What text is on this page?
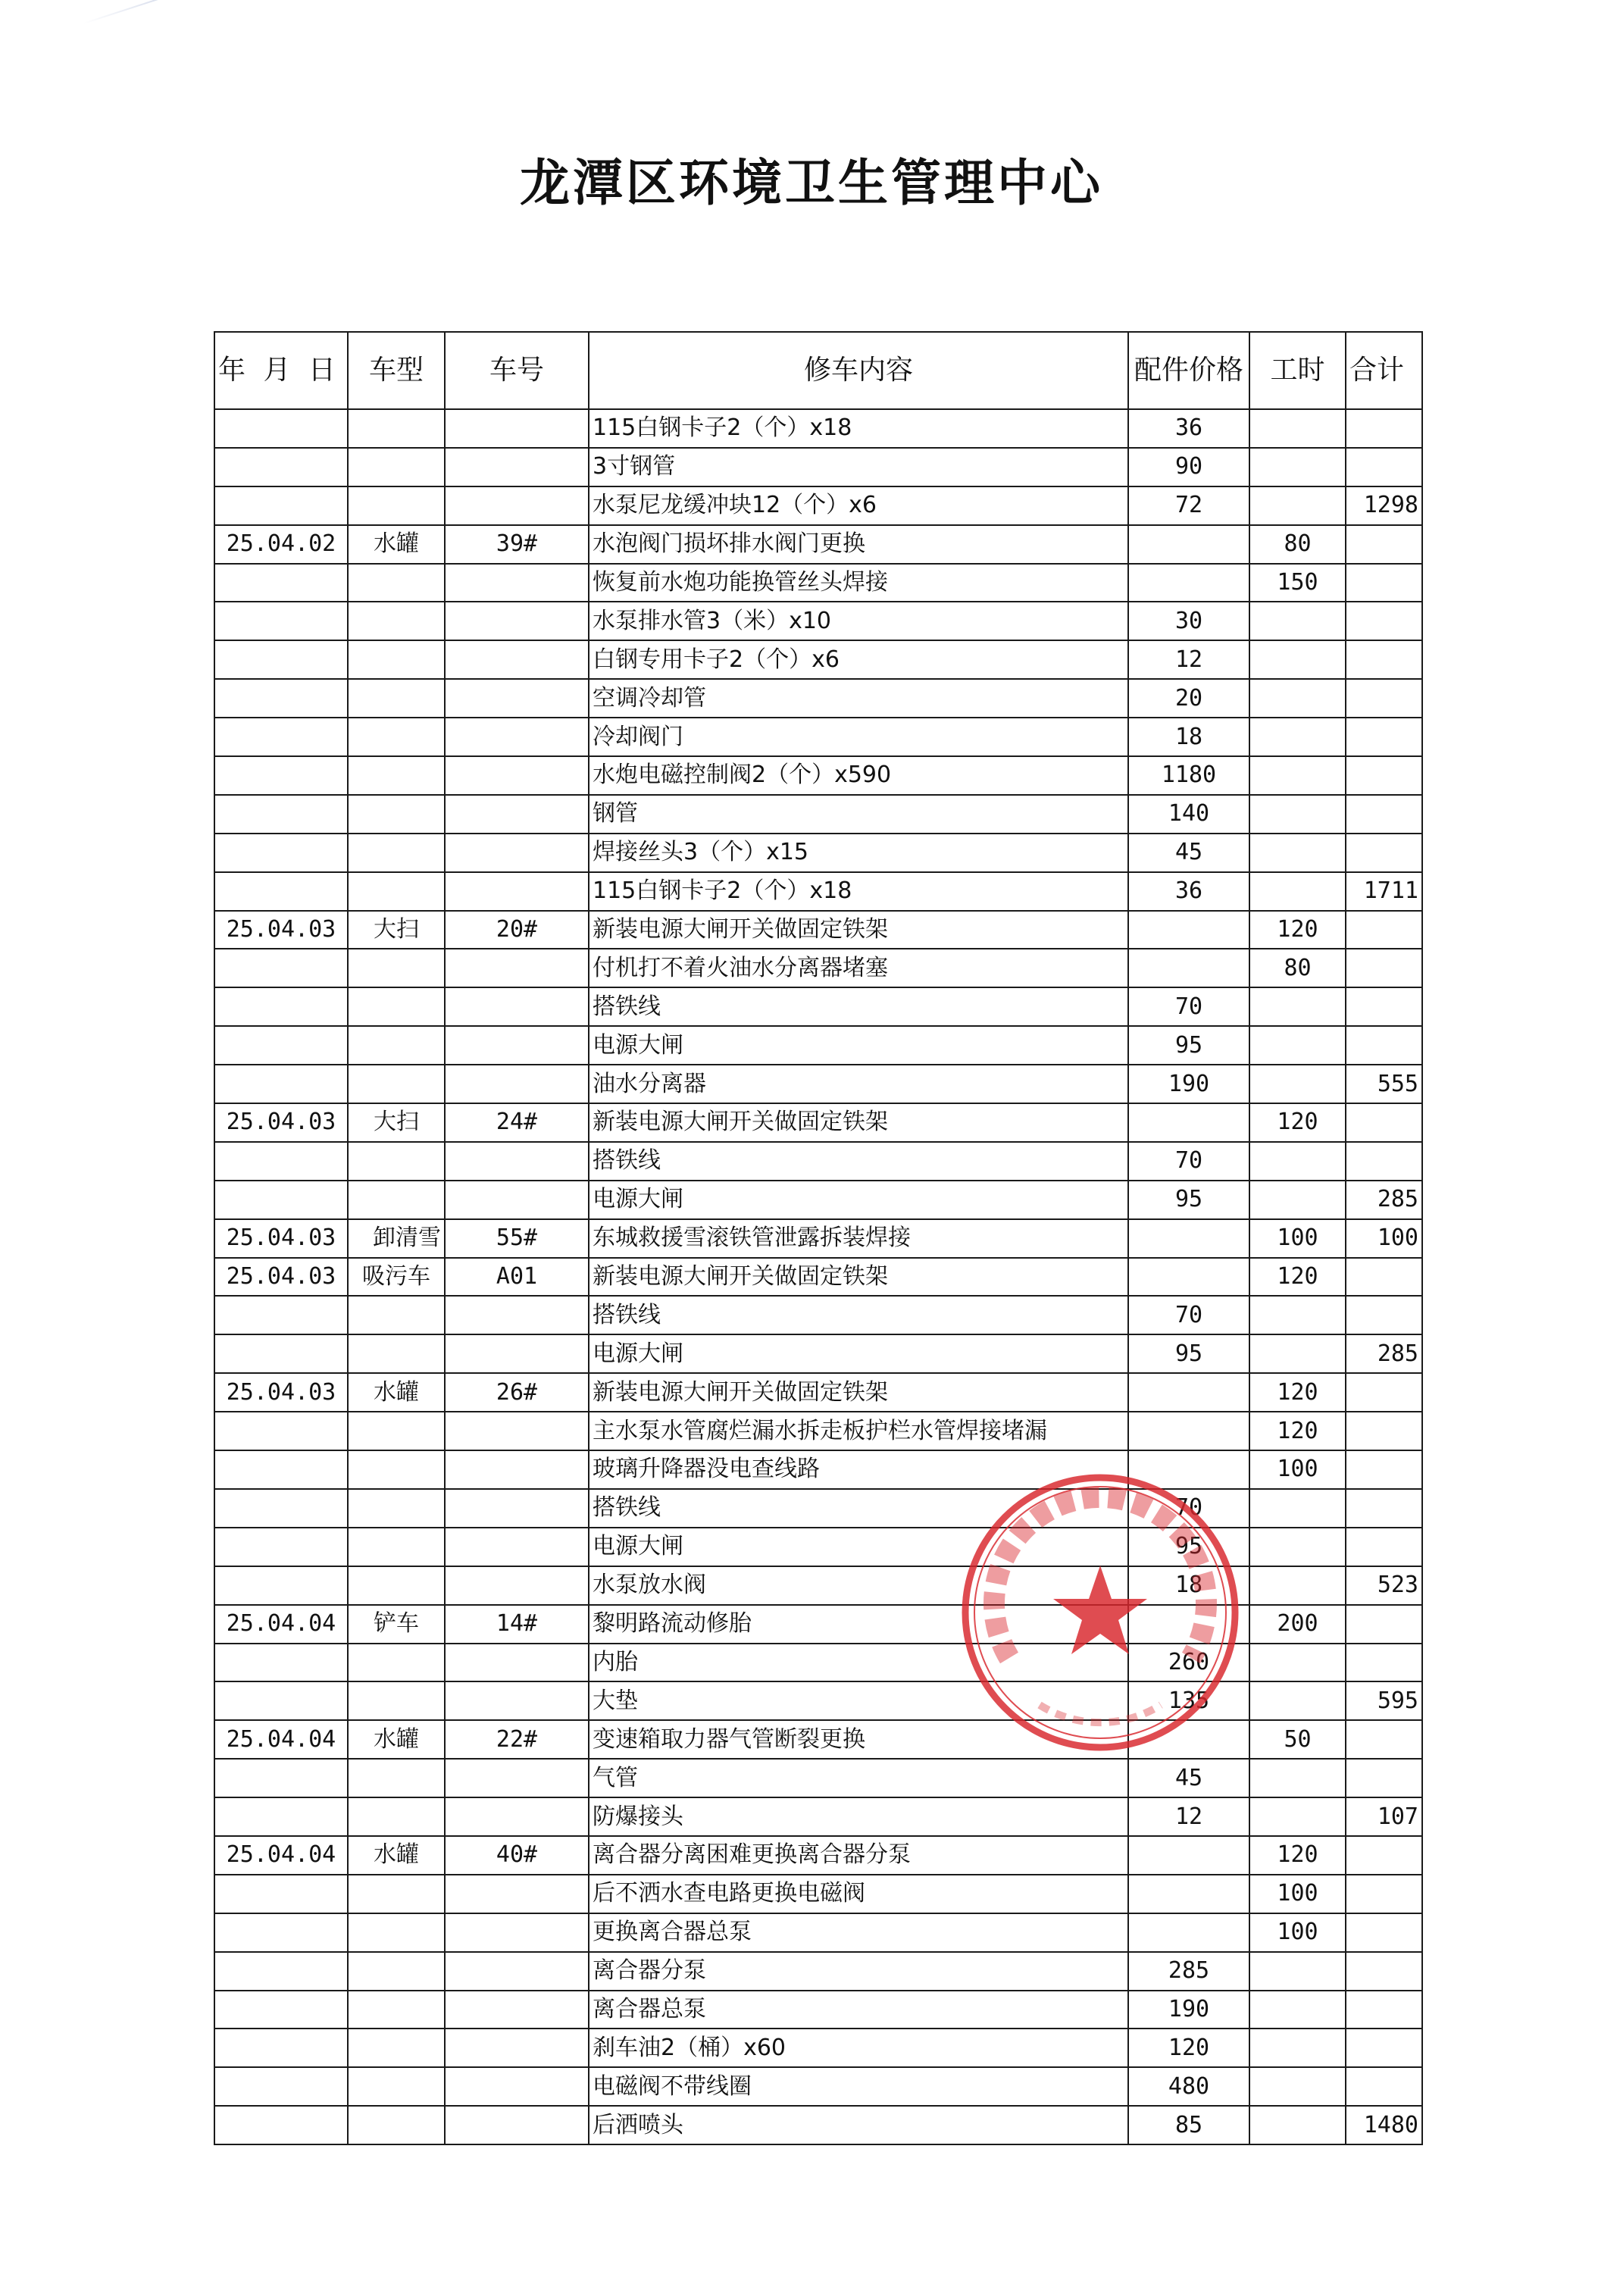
龙潭区环境卫生管理中心
年 月 日	车型	车号	修车内容	配件价格	工时	合计
			115白钢卡子2（个）x18	36		
			3寸钢管	90		
			水泵尼龙缓冲块12（个）x6	72		1298
25.04.02	水罐	39#	水泡阀门损坏排水阀门更换		80	
			恢复前水炮功能换管丝头焊接		150	
			水泵排水管3（米）x10	30		
			白钢专用卡子2（个）x6	12		
			空调冷却管	20		
			冷却阀门	18		
			水炮电磁控制阀2（个）x590	1180		
			钢管	140		
			焊接丝头3（个）x15	45		
			115白钢卡子2（个）x18	36		1711
25.04.03	大扫	20#	新装电源大闸开关做固定铁架		120	
			付机打不着火油水分离器堵塞		80	
			搭铁线	70		
			电源大闸	95		
			油水分离器	190		555
25.04.03	大扫	24#	新装电源大闸开关做固定铁架		120	
			搭铁线	70		
			电源大闸	95		285
25.04.03	卸清雪	55#	东城救援雪滚铁管泄露拆装焊接		100	100
25.04.03	吸污车	A01	新装电源大闸开关做固定铁架		120	
			搭铁线	70		
			电源大闸	95		285
25.04.03	水罐	26#	新装电源大闸开关做固定铁架		120	
			主水泵水管腐烂漏水拆走板护栏水管焊接堵漏		120	
			玻璃升降器没电查线路		100	
			搭铁线	70		
			电源大闸	95		
			水泵放水阀	18		523
25.04.04	铲车	14#	黎明路流动修胎		200	
			内胎	260		
			大垫	135		595
25.04.04	水罐	22#	变速箱取力器气管断裂更换		50	
			气管	45		
			防爆接头	12		107
25.04.04	水罐	40#	离合器分离困难更换离合器分泵		120	
			后不洒水查电路更换电磁阀		100	
			更换离合器总泵		100	
			离合器分泵	285		
			离合器总泵	190		
			刹车油2（桶）x60	120		
			电磁阀不带线圈	480		
			后洒喷头	85		1480
